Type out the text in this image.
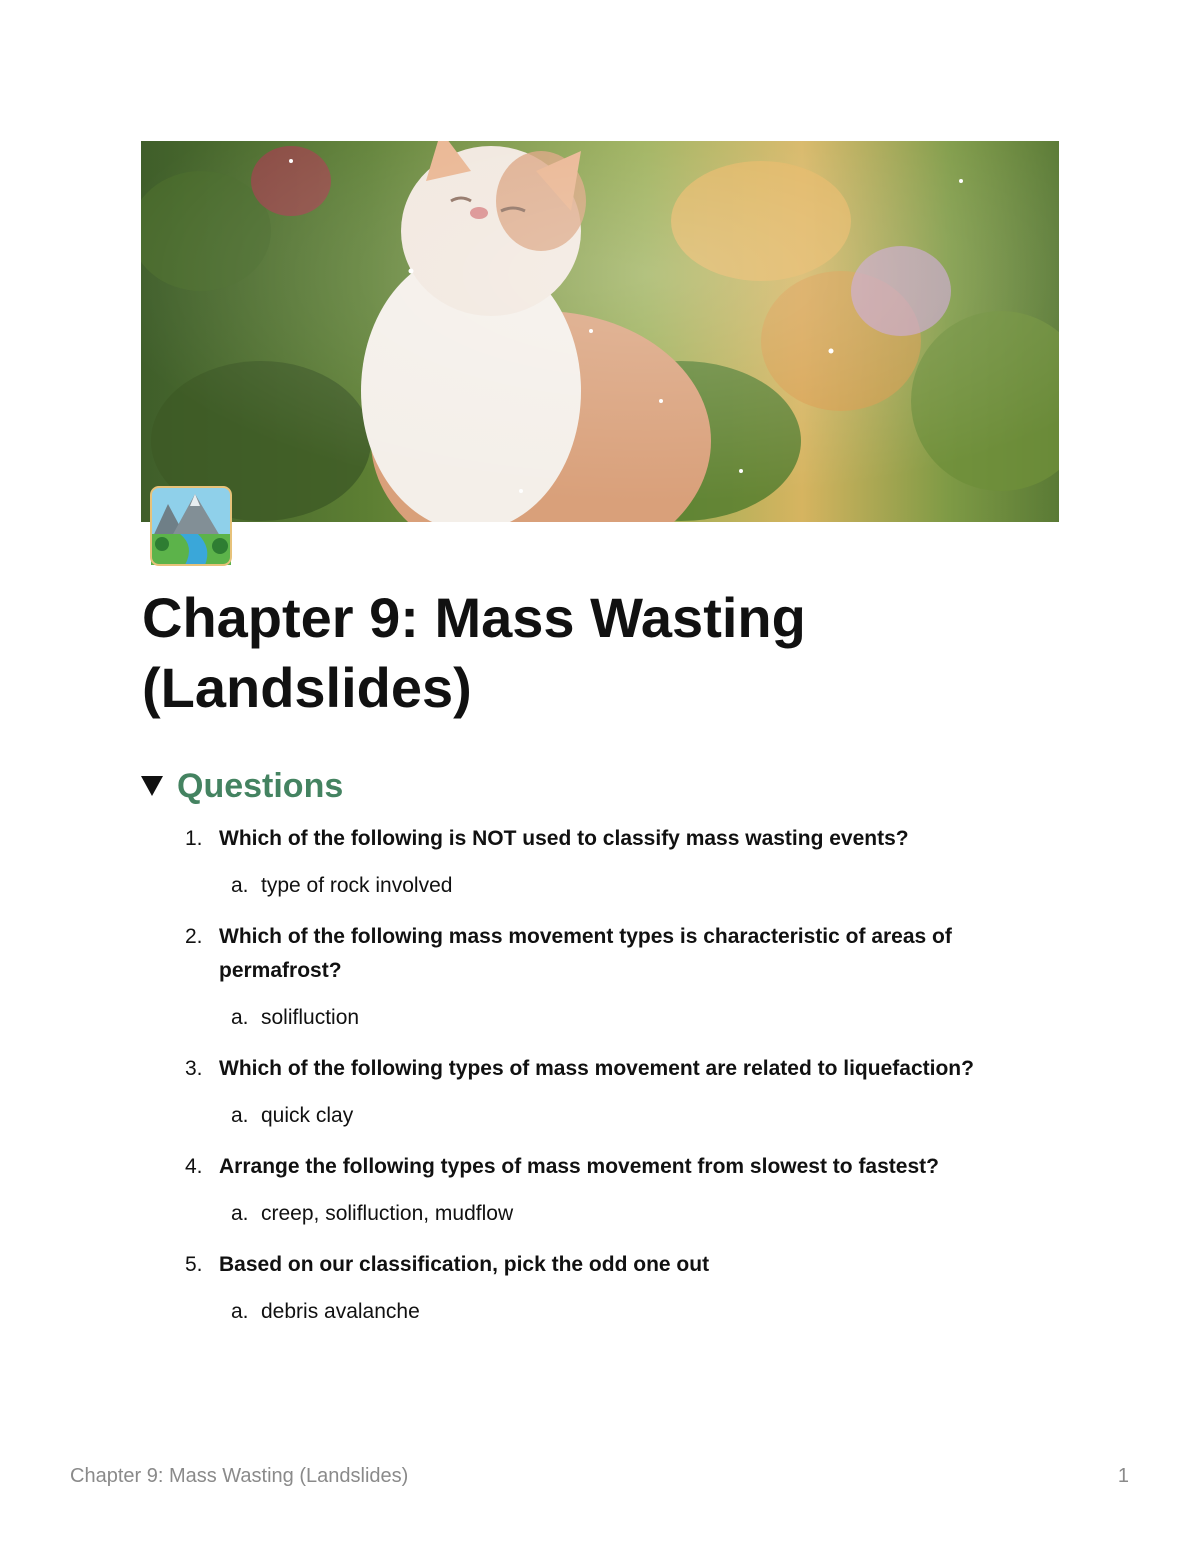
Chapter 9: Mass Wasting (Landslides)
Questions
1. Which of the following is NOT used to classify mass wasting events?
a. type of rock involved
2. Which of the following mass movement types is characteristic of areas of permafrost?
a. solifluction
3. Which of the following types of mass movement are related to liquefaction?
a. quick clay
4. Arrange the following types of mass movement from slowest to fastest?
a. creep, solifluction, mudflow
5. Based on our classification, pick the odd one out
a. debris avalanche
Chapter 9: Mass Wasting (Landslides)	1
